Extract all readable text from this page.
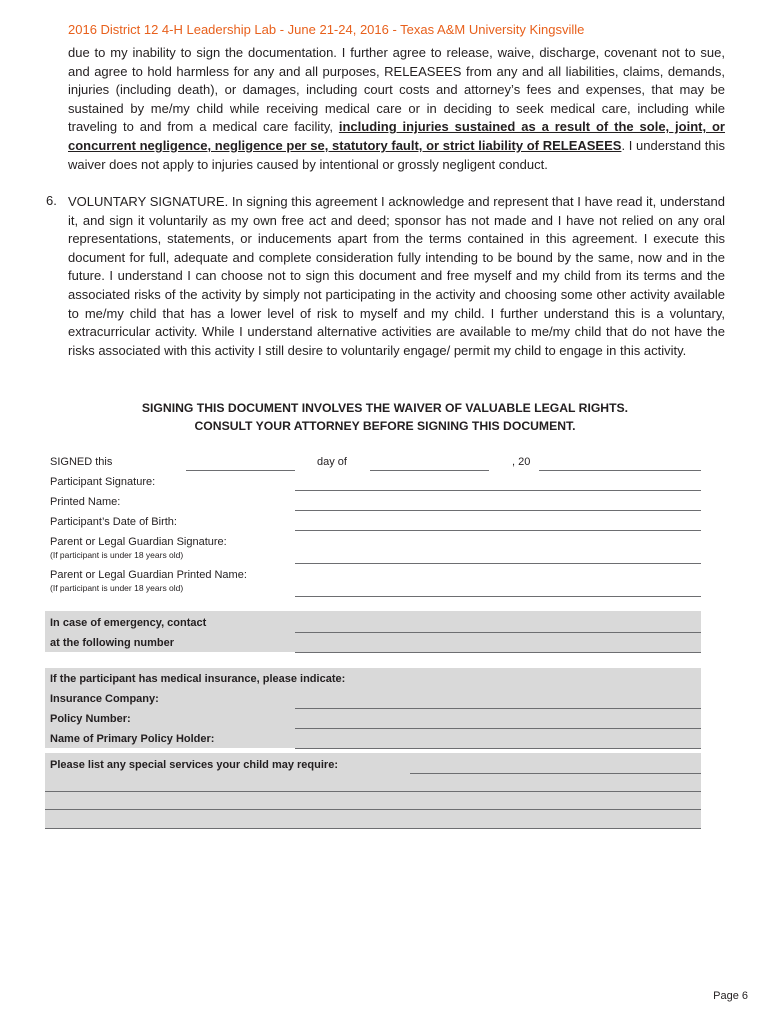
2016 District 12 4-H Leadership Lab - June 21-24, 2016 - Texas A&M University Kingsville

due to my inability to sign the documentation. I further agree to release, waive, discharge, covenant not to sue, and agree to hold harmless for any and all purposes, RELEASEES from any and all liabilities, claims, demands, injuries (including death), or damages, including court costs and attorney’s fees and expenses, that may be sustained by me/my child while receiving medical care or in deciding to seek medical care, including while traveling to and from a medical care facility, including injuries sustained as a result of the sole, joint, or concurrent negligence, negligence per se, statutory fault, or strict liability of RELEASEES. I understand this waiver does not apply to injuries caused by intentional or grossly negligent conduct.

6. VOLUNTARY SIGNATURE. In signing this agreement I acknowledge and represent that I have read it, understand it, and sign it voluntarily as my own free act and deed; sponsor has not made and I have not relied on any oral representations, statements, or inducements apart from the terms contained in this agreement. I execute this document for full, adequate and complete consideration fully intending to be bound by the same, now and in the future. I understand I can choose not to sign this document and free myself and my child from its terms and the associated risks of the activity by simply not participating in the activity and choosing some other activity available to me/my child that has a lower level of risk to myself and my child. I further understand this is a voluntary, extracurricular activity. While I understand alternative activities are available to me/my child that do not have the risks associated with this activity I still desire to voluntarily engage/ permit my child to engage in this activity.

SIGNING THIS DOCUMENT INVOLVES THE WAIVER OF VALUABLE LEGAL RIGHTS.
CONSULT YOUR ATTORNEY BEFORE SIGNING THIS DOCUMENT.
SIGNED this	day of	, 20
Participant Signature:
Printed Name:
Participant’s Date of Birth:
Parent or Legal Guardian Signature:
(If participant is under 18 years old)
Parent or Legal Guardian Printed Name:
(If participant is under 18 years old)
In case of emergency, contact
at the following number
If the participant has medical insurance, please indicate:
Insurance Company:
Policy Number:
Name of Primary Policy Holder:
Please list any special services your child may require:
Page 6
